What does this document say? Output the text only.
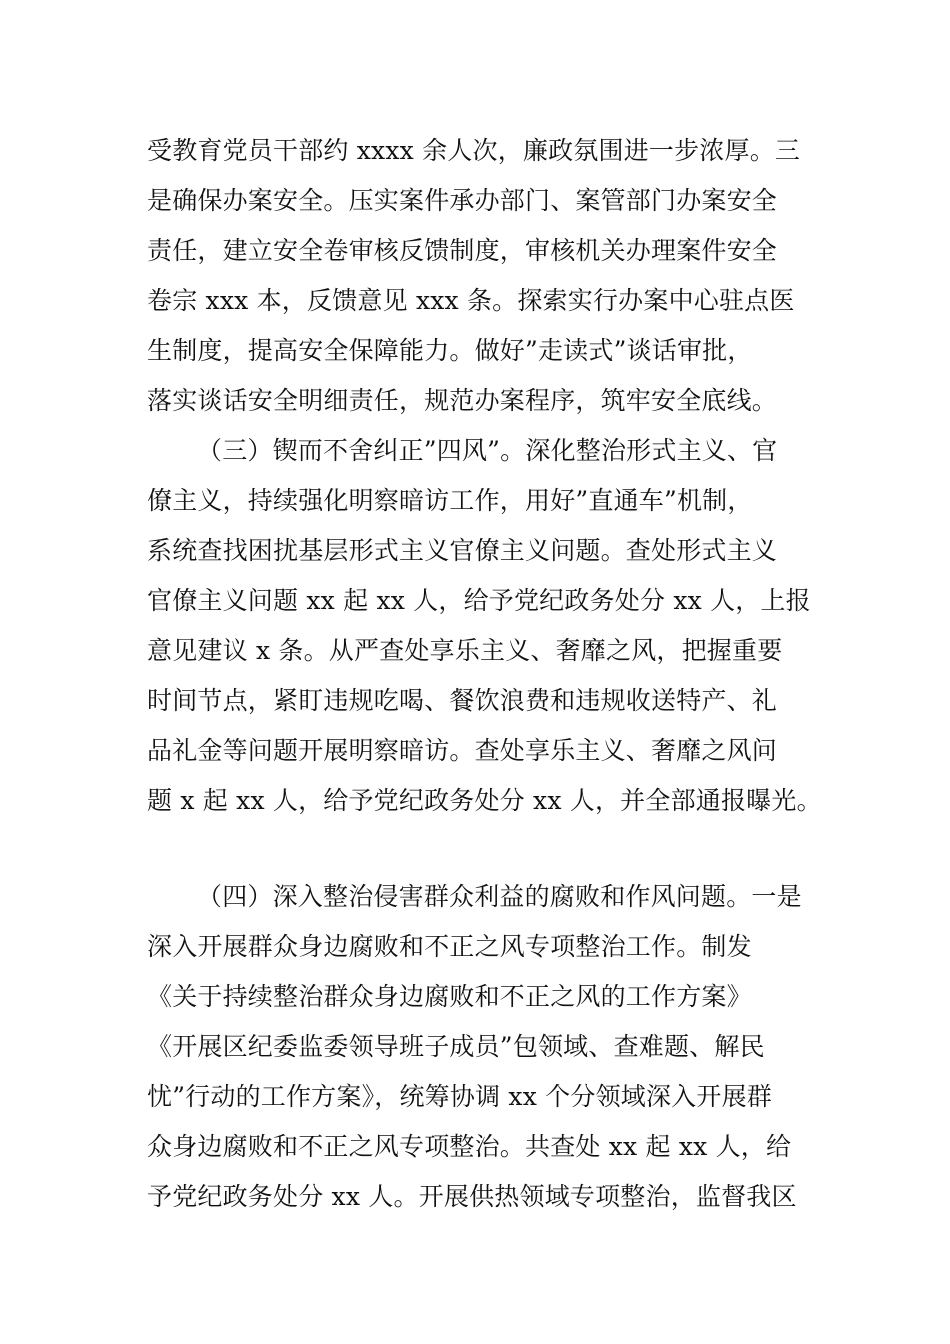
受教育党员干部约 xxxx 余人次，廉政氛围进一步浓厚。三
是确保办案安全。压实案件承办部门、案管部门办案安全
责任，建立安全卷审核反馈制度，审核机关办理案件安全
卷宗 xxx 本，反馈意见 xxx 条。探索实行办案中心驻点医
生制度，提高安全保障能力。做好”走读式”谈话审批，
落实谈话安全明细责任，规范办案程序，筑牢安全底线。
（三）锲而不舍纠正”四风”。深化整治形式主义、官
僚主义，持续强化明察暗访工作，用好”直通车”机制，
系统查找困扰基层形式主义官僚主义问题。查处形式主义
官僚主义问题 xx 起 xx 人，给予党纪政务处分 xx 人，上报
意见建议 x 条。从严查处享乐主义、奢靡之风，把握重要
时间节点，紧盯违规吃喝、餐饮浪费和违规收送特产、礼
品礼金等问题开展明察暗访。查处享乐主义、奢靡之风问
题 x 起 xx 人，给予党纪政务处分 xx 人，并全部通报曝光。
（四）深入整治侵害群众利益的腐败和作风问题。一是
深入开展群众身边腐败和不正之风专项整治工作。制发
《关于持续整治群众身边腐败和不正之风的工作方案》
《开展区纪委监委领导班子成员”包领域、查难题、解民
忧”行动的工作方案》，统筹协调 xx 个分领域深入开展群
众身边腐败和不正之风专项整治。共查处 xx 起 xx 人，给
予党纪政务处分 xx 人。开展供热领域专项整治，监督我区
